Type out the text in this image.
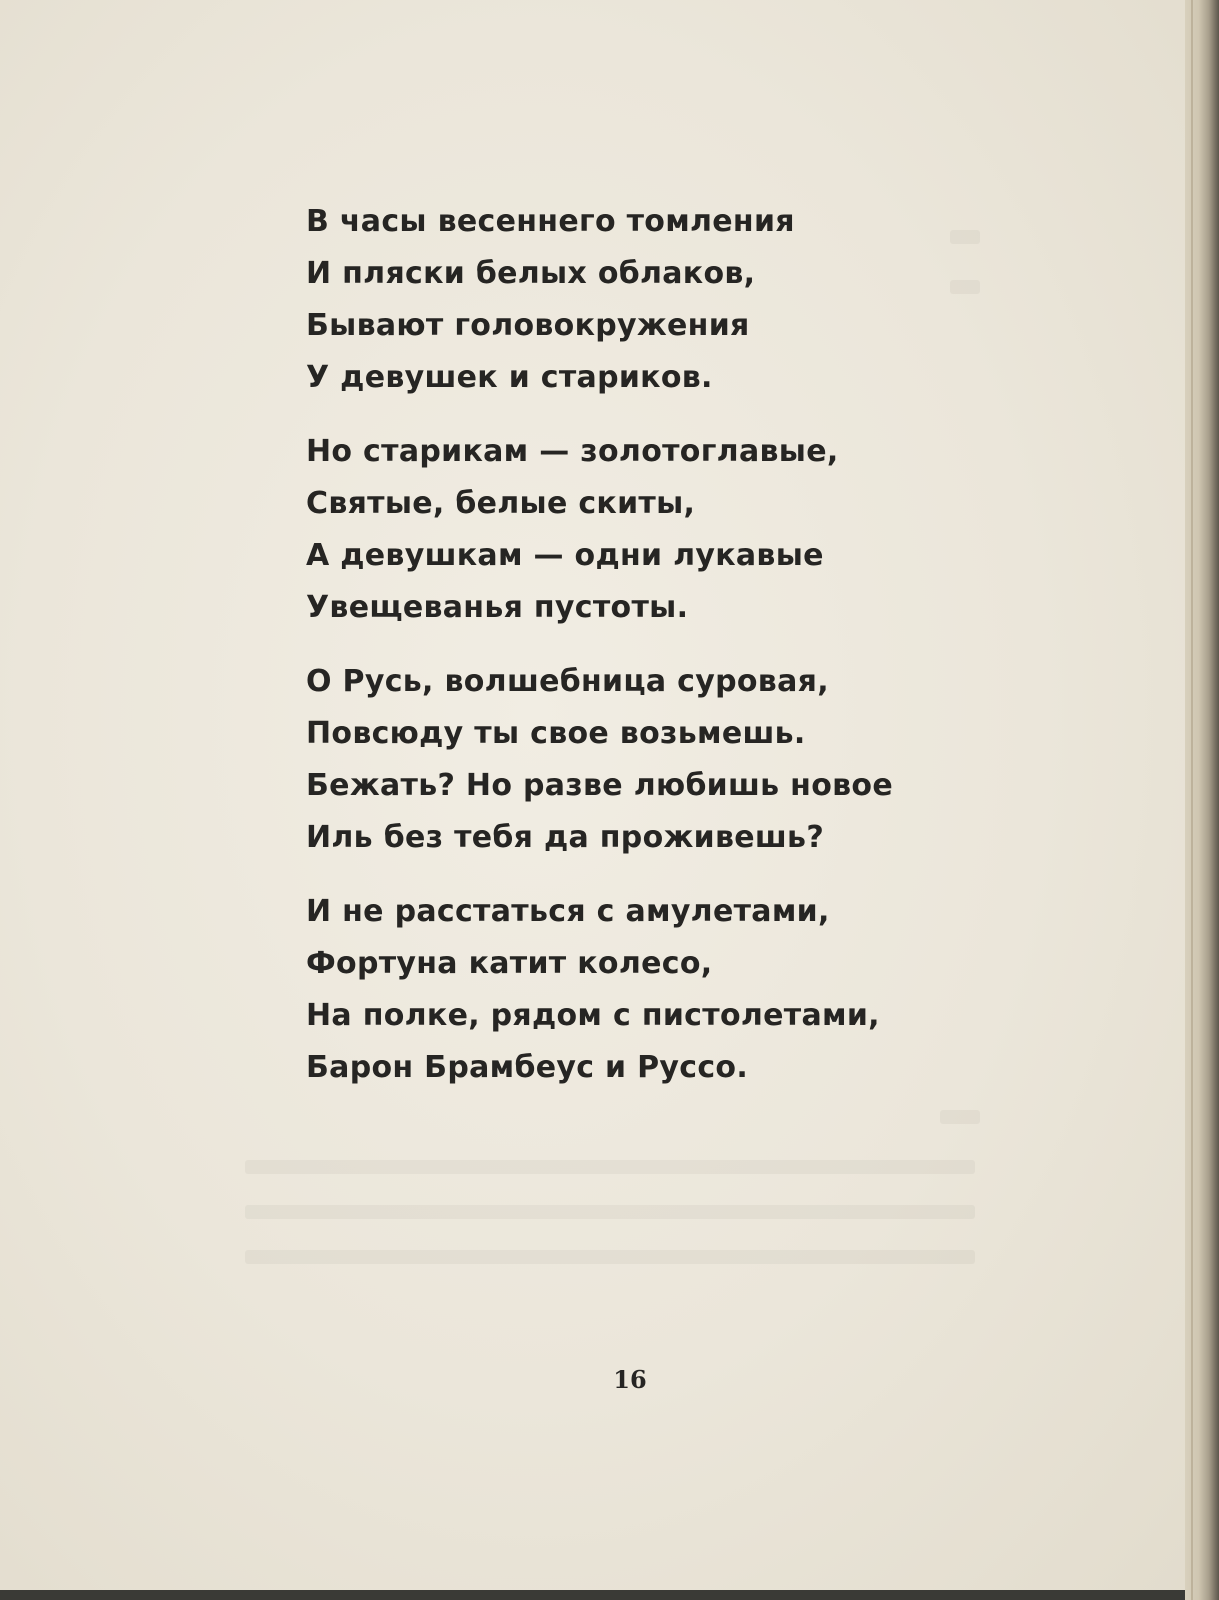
В часы весеннего томления
И пляски белых облаков,
Бывают головокружения
У девушек и стариков.
Но старикам — золотоглавые,
Святые, белые скиты,
А девушкам — одни лукавые
Увещеванья пустоты.
О Русь, волшебница суровая,
Повсюду ты свое возьмешь.
Бежать? Но разве любишь новое
Иль без тебя да проживешь?
И не расстаться с амулетами,
Фортуна катит колесо,
На полке, рядом с пистолетами,
Барон Брамбеус и Руссо.
16
